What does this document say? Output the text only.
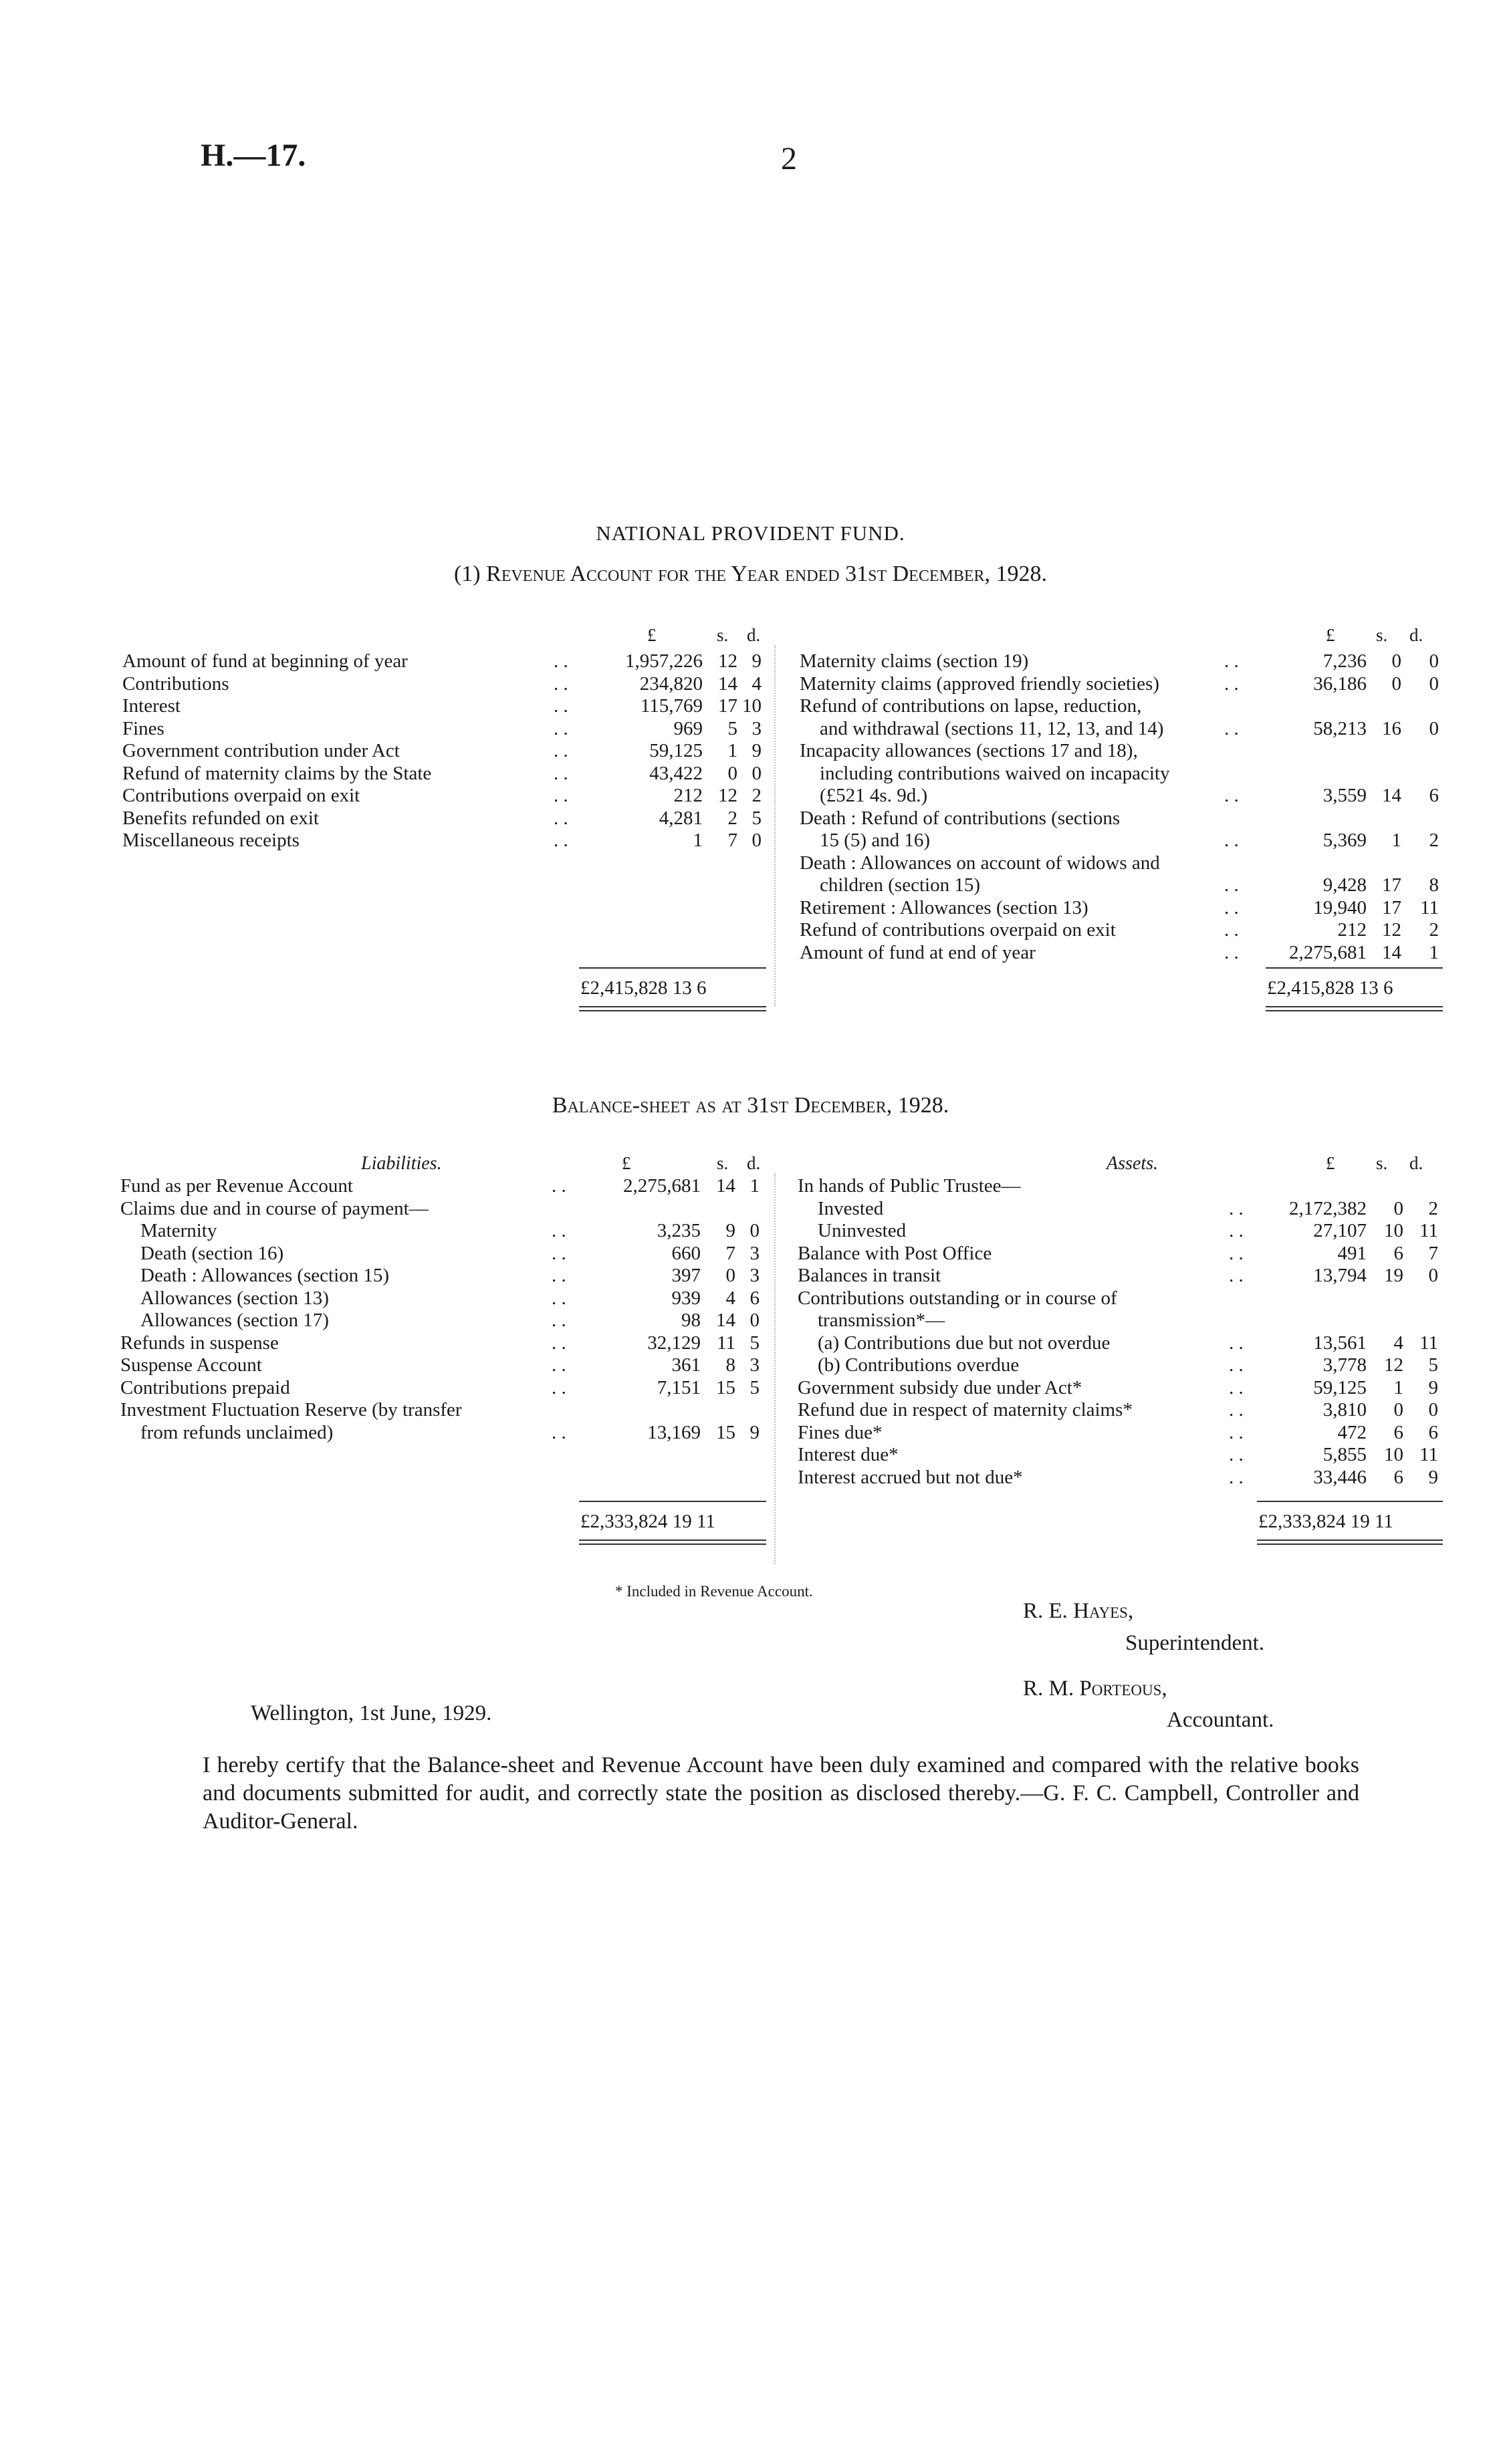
H.—17.	2
NATIONAL PROVIDENT FUND.
(1) Revenue Account for the Year ended 31st December, 1928.
£	s. d.	£ s. d.
Amount of fund at beginning of year	. .	1,957,226 12 9
Contributions	. .	234,820 14 4
Interest	. .	115,769 17 10
Fines	. .	969	5 3
Government contribution under Act	. .	59,125	1 9
Refund of maternity claims by the State	. .	43,422	0 0
Contributions overpaid on exit	. .	212 12 2
Benefits refunded on exit	. .	4,281	2 5
Miscellaneous receipts	. .	1	7 0
Maternity claims (section 19)	. .	7,236	0	0
Maternity claims (approved friendly societies)	. .	36,186	0	0
Refund of contributions on lapse, reduction,
and withdrawal (sections 11, 12, 13, and 14)	. .	58,213 16	0
Incapacity allowances (sections 17 and 18),
including contributions waived on incapacity
(£521 4s. 9d.)	. .	3,559 14	6
Death : Refund of contributions (sections
15 (5) and 16)	. .	5,369	1	2
Death : Allowances on account of widows and
children (section 15)	. .	9,428 17	8
Retirement : Allowances (section 13)	. .	19,940 17 11
Refund of contributions overpaid on exit	. .	212 12	2
Amount of fund at end of year	. .	2,275,681 14	1
£2,415,828 13 6	£2,415,828 13 6
Balance-sheet as at 31st December, 1928.
Liabilities.	£	s. d.	Assets.	£ s. d.
Fund as per Revenue Account	. .	2,275,681 14 1
Claims due and in course of payment—
Maternity	. .	3,235	9 0
Death (section 16)	. .	660	7 3
Death : Allowances (section 15)	. .	397	0 3
Allowances (section 13)	. .	939	4 6
Allowances (section 17)	. .	98 14 0
Refunds in suspense	. .	32,129 11 5
Suspense Account	. .	361	8 3
Contributions prepaid	. .	7,151 15 5
Investment Fluctuation Reserve (by transfer
from refunds unclaimed)	. .	13,169 15 9
In hands of Public Trustee—
Invested	. .	2,172,382	0	2
Uninvested	. .	27,107 10 11
Balance with Post Office	. .	491	6	7
Balances in transit	. .	13,794 19	0
Contributions outstanding or in course of
transmission*—
(a) Contributions due but not overdue	. .	13,561	4 11
(b) Contributions overdue	. .	3,778 12	5
Government subsidy due under Act*	. .	59,125	1	9
Refund due in respect of maternity claims*	. .	3,810	0	0
Fines due*	. .	472	6	6
Interest due*	. .	5,855 10 11
Interest accrued but not due*	. .	33,446	6	9
£2,333,824 19 11	£2,333,824 19 11
* Included in Revenue Account.
R. E. Hayes,
Superintendent.
R. M. Porteous,
Accountant.
Wellington, 1st June, 1929.
I hereby certify that the Balance-sheet and Revenue Account have been duly examined and compared with the relative books and documents submitted for audit, and correctly state the position as disclosed thereby.—G. F. C. Campbell, Controller and Auditor-General.
